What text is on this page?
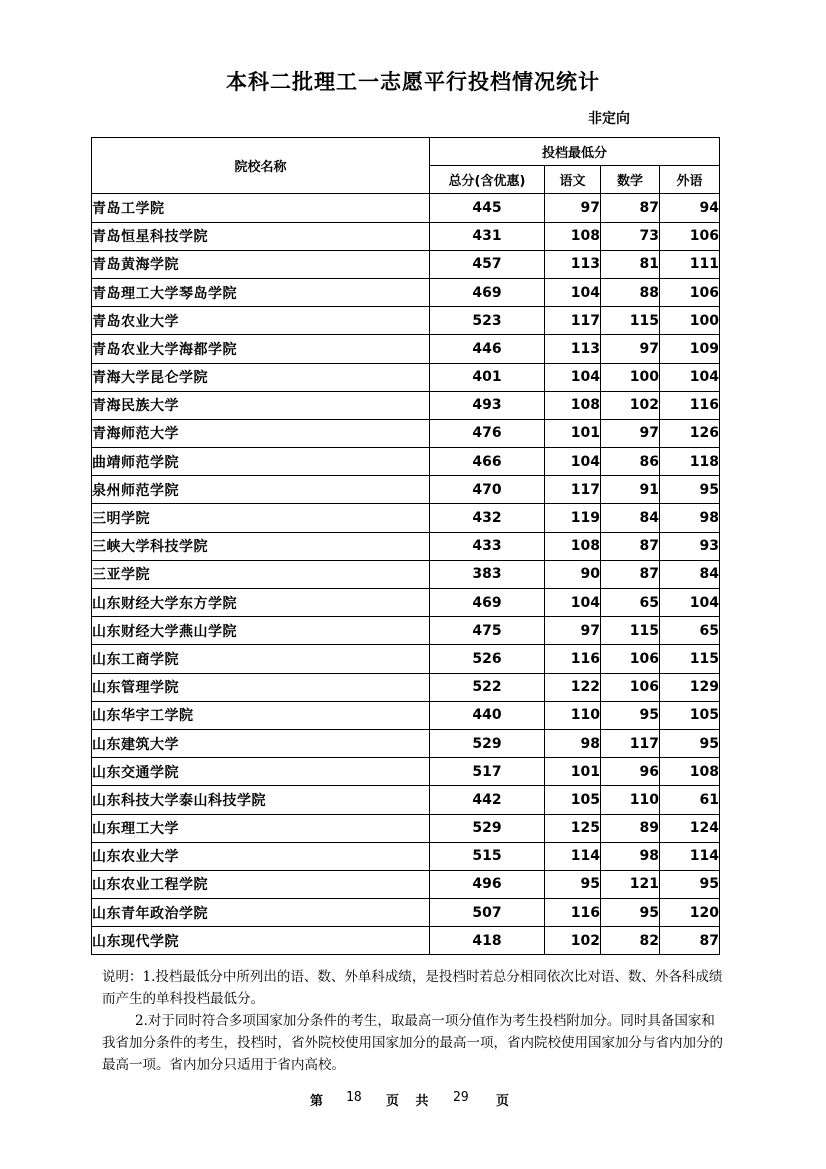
本科二批理工一志愿平行投档情况统计
非定向
院校名称	投档最低分			
	总分(含优惠)	语文	数学	外语
青岛工学院	445	97	87	94
青岛恒星科技学院	431	108	73	106
青岛黄海学院	457	113	81	111
青岛理工大学琴岛学院	469	104	88	106
青岛农业大学	523	117	115	100
青岛农业大学海都学院	446	113	97	109
青海大学昆仑学院	401	104	100	104
青海民族大学	493	108	102	116
青海师范大学	476	101	97	126
曲靖师范学院	466	104	86	118
泉州师范学院	470	117	91	95
三明学院	432	119	84	98
三峡大学科技学院	433	108	87	93
三亚学院	383	90	87	84
山东财经大学东方学院	469	104	65	104
山东财经大学燕山学院	475	97	115	65
山东工商学院	526	116	106	115
山东管理学院	522	122	106	129
山东华宇工学院	440	110	95	105
山东建筑大学	529	98	117	95
山东交通学院	517	101	96	108
山东科技大学泰山科技学院	442	105	110	61
山东理工大学	529	125	89	124
山东农业大学	515	114	98	114
山东农业工程学院	496	95	121	95
山东青年政治学院	507	116	95	120
山东现代学院	418	102	82	87

说明：1.投档最低分中所列出的语、数、外单科成绩，是投档时若总分相同依次比对语、数、外各科成绩而产生的单科投档最低分。

2.对于同时符合多项国家加分条件的考生，取最高一项分值作为考生投档附加分。同时具备国家和我省加分条件的考生，投档时，省外院校使用国家加分的最高一项，省内院校使用国家加分与省内加分的最高一项。省内加分只适用于省内高校。

第 18 页 共 29 页
